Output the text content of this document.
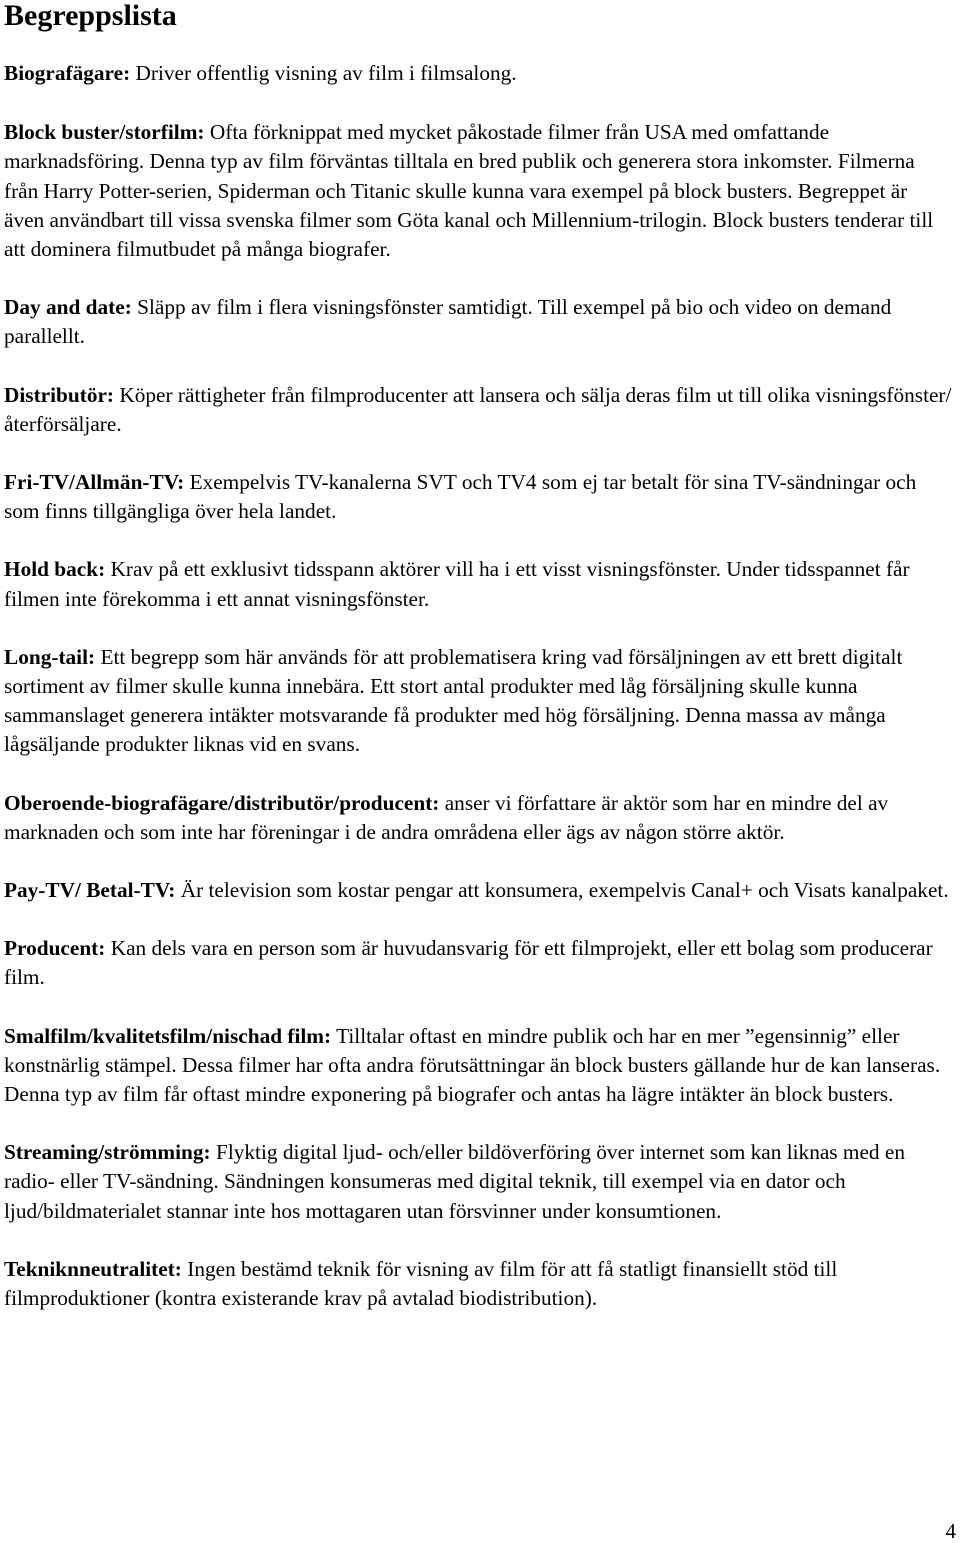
Begreppslista

Biografägare: Driver offentlig visning av film i filmsalong.

Block buster/storfilm: Ofta förknippat med mycket påkostade filmer från USA med omfattande marknadsföring. Denna typ av film förväntas tilltala en bred publik och generera stora inkomster. Filmerna från Harry Potter-serien, Spiderman och Titanic skulle kunna vara exempel på block busters. Begreppet är även användbart till vissa svenska filmer som Göta kanal och Millennium-trilogin. Block busters tenderar till att dominera filmutbudet på många biografer.

Day and date: Släpp av film i flera visningsfönster samtidigt. Till exempel på bio och video on demand parallellt.

Distributör: Köper rättigheter från filmproducenter att lansera och sälja deras film ut till olika visningsfönster/återförsäljare.

Fri-TV/Allmän-TV: Exempelvis TV-kanalerna SVT och TV4 som ej tar betalt för sina TV-sändningar och som finns tillgängliga över hela landet.

Hold back: Krav på ett exklusivt tidsspann aktörer vill ha i ett visst visningsfönster. Under tidsspannet får filmen inte förekomma i ett annat visningsfönster.

Long-tail: Ett begrepp som här används för att problematisera kring vad försäljningen av ett brett digitalt sortiment av filmer skulle kunna innebära. Ett stort antal produkter med låg försäljning skulle kunna sammanslaget generera intäkter motsvarande få produkter med hög försäljning. Denna massa av många lågsäljande produkter liknas vid en svans.

Oberoende-biografägare/distributör/producent: anser vi författare är aktör som har en mindre del av marknaden och som inte har föreningar i de andra områdena eller ägs av någon större aktör.

Pay-TV/ Betal-TV: Är television som kostar pengar att konsumera, exempelvis Canal+ och Visats kanalpaket.

Producent: Kan dels vara en person som är huvudansvarig för ett filmprojekt, eller ett bolag som producerar film.

Smalfilm/kvalitetsfilm/nischad film: Tilltalar oftast en mindre publik och har en mer ”egensinnig” eller konstnärlig stämpel. Dessa filmer har ofta andra förutsättningar än block busters gällande hur de kan lanseras. Denna typ av film får oftast mindre exponering på biografer och antas ha lägre intäkter än block busters.

Streaming/strömming: Flyktig digital ljud- och/eller bildöverföring över internet som kan liknas med en radio- eller TV-sändning. Sändningen konsumeras med digital teknik, till exempel via en dator och ljud/bildmaterialet stannar inte hos mottagaren utan försvinner under konsumtionen.

Tekniknneutralitet: Ingen bestämd teknik för visning av film för att få statligt finansiellt stöd till filmproduktioner (kontra existerande krav på avtalad biodistribution).

4
